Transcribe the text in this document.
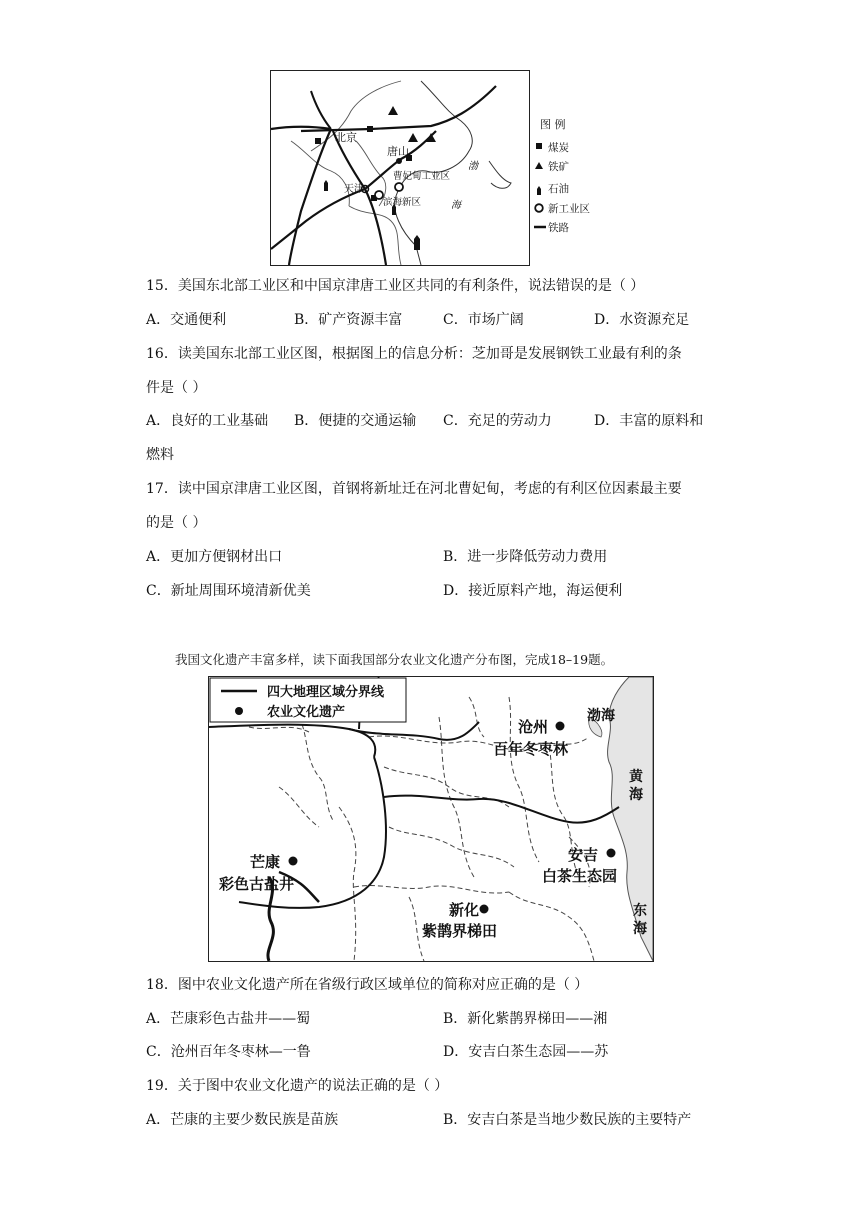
北京
唐山
天津
曹妃甸工业区
滨海新区
渤
海
图 例
煤炭
铁矿
石油
新工业区
铁路
15．美国东北部工业区和中国京津唐工业区共同的有利条件，说法错误的是（ ）
A．交通便利	B．矿产资源丰富	C．市场广阔	D．水资源充足
16．读美国东北部工业区图，根据图上的信息分析：芝加哥是发展钢铁工业最有利的条
件是（ ）
A．良好的工业基础 B．便捷的交通运输 C．充足的劳动力	D．丰富的原料和
燃料
17．读中国京津唐工业区图，首钢将新址迁在河北曹妃甸，考虑的有利区位因素最主要
的是（ ）
A．更加方便钢材出口	B．进一步降低劳动力费用
C．新址周围环境清新优美	D．接近原料产地，海运便利
我国文化遗产丰富多样，读下面我国部分农业文化遗产分布图，完成18–19题。
四大地理区域分界线
农业文化遗产
沧州
百年冬枣林
渤海
黄
海
安吉
白茶生态园
芒康
彩色古盐井
新化
紫鹊界梯田
东
海
18．图中农业文化遗产所在省级行政区域单位的简称对应正确的是（ ）
A．芒康彩色古盐井——蜀	B．新化紫鹊界梯田——湘
C．沧州百年冬枣林—一鲁	D．安吉白茶生态园——苏
19．关于图中农业文化遗产的说法正确的是（ ）
A．芒康的主要少数民族是苗族	B．安吉白茶是当地少数民族的主要特产
